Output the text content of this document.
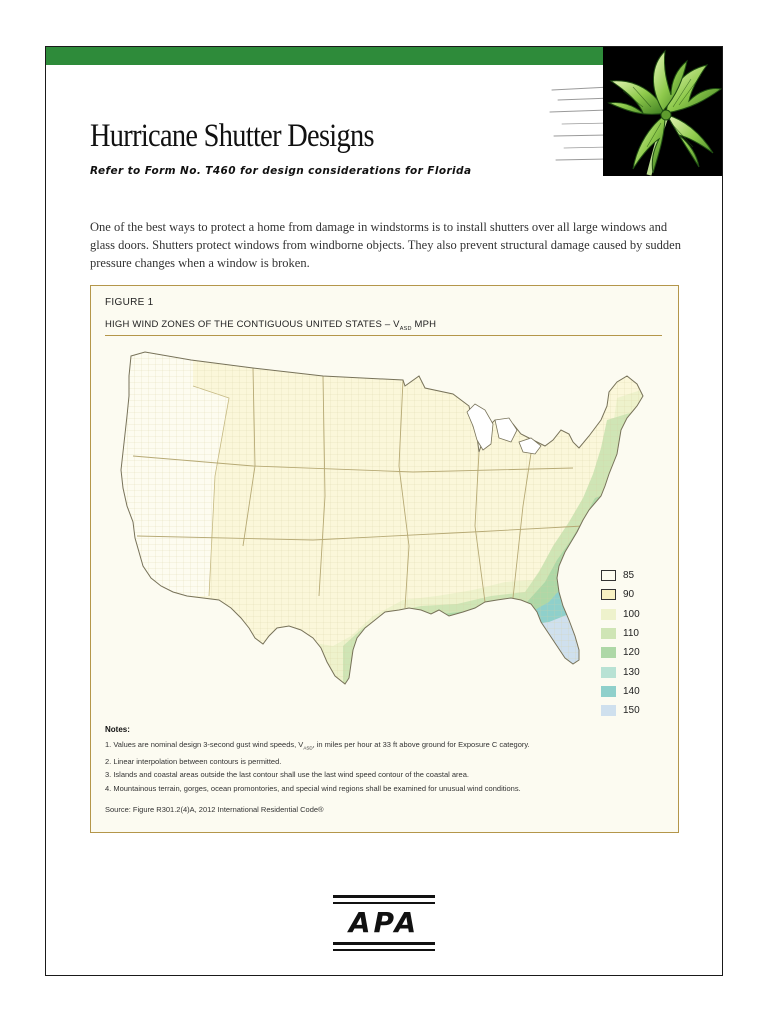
Hurricane Shutter Designs

Refer to Form No. T460 for design considerations for Florida

One of the best ways to protect a home from damage in windstorms is to install shutters over all large windows and glass doors. Shutters protect windows from windborne objects. They also prevent structural damage caused by sudden pressure changes when a window is broken.

FIGURE 1
HIGH WIND ZONES OF THE CONTIGUOUS UNITED STATES – $V_{ASD}$ MPH
85
90
100
110
120
130
140
150
Notes:
1. Values are nominal design 3-second gust wind speeds, $V_{ASD}$, in miles per hour at 33 ft above ground for Exposure C category.
2. Linear interpolation between contours is permitted.
3. Islands and coastal areas outside the last contour shall use the last wind speed contour of the coastal area.
4. Mountainous terrain, gorges, ocean promontories, and special wind regions shall be examined for unusual wind conditions.
Source: Figure R301.2(4)A, 2012 International Residential Code®
APA
